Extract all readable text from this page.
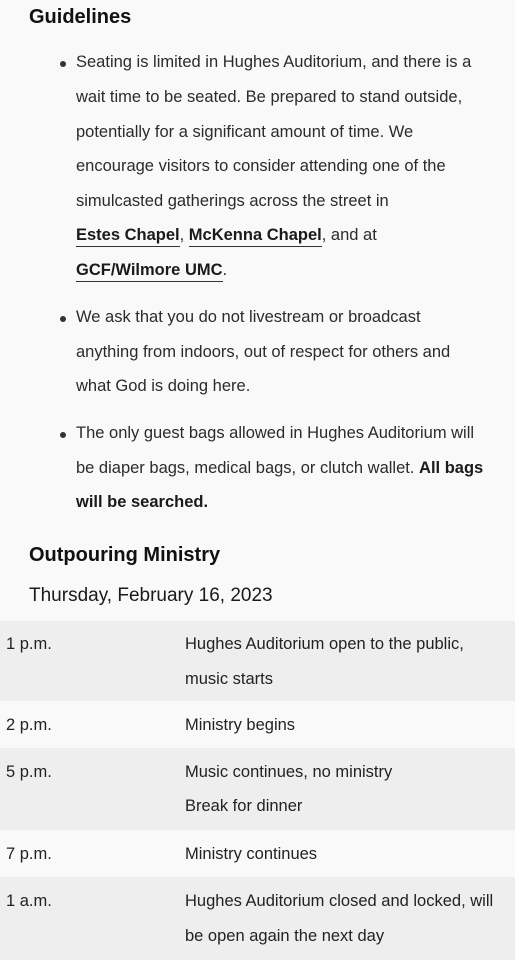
Guidelines
Seating is limited in Hughes Auditorium, and there is a
wait time to be seated. Be prepared to stand outside,
potentially for a significant amount of time. We
encourage visitors to consider attending one of the
simulcasted gatherings across the street in
Estes Chapel, McKenna Chapel, and at
GCF/Wilmore UMC.
We ask that you do not livestream or broadcast
anything from indoors, out of respect for others and
what God is doing here.
The only guest bags allowed in Hughes Auditorium will
be diaper bags, medical bags, or clutch wallet. All bags
will be searched.
Outpouring Ministry
Thursday, February 16, 2023
1 p.m.	Hughes Auditorium open to the public,
music starts
2 p.m.	Ministry begins
5 p.m.	Music continues, no ministry
Break for dinner
7 p.m.	Ministry continues
1 a.m.	Hughes Auditorium closed and locked, will
be open again the next day
